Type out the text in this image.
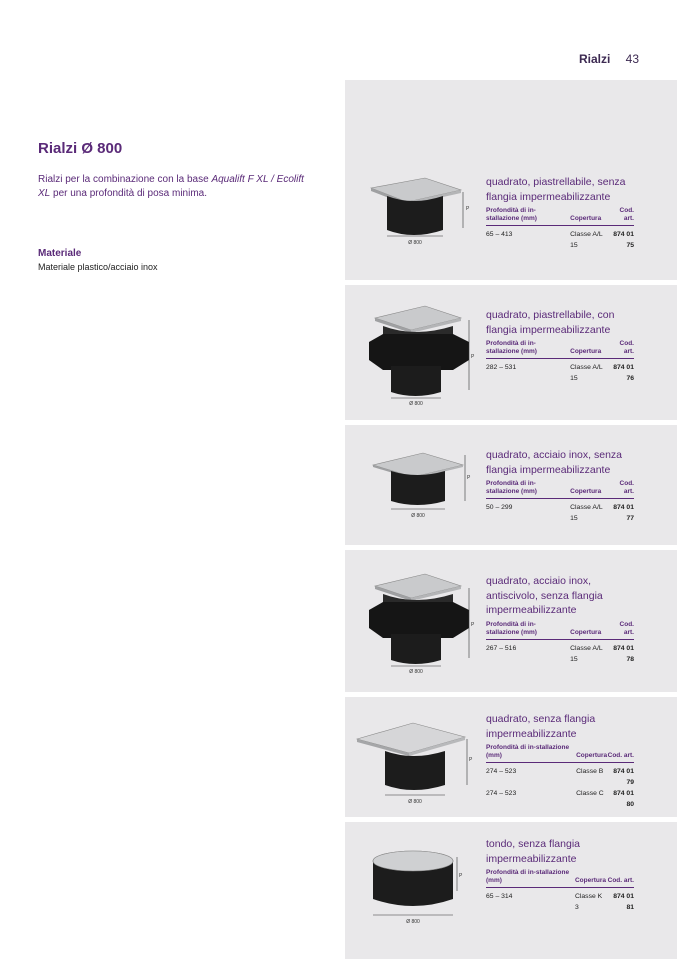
Rialzi 43
Rialzi Ø 800

Rialzi per la combinazione con la base Aqualift F XL / Ecolift XL per una profondità di posa minima.

Materiale
Materiale plastico/acciaio inox
Ø 800
P
quadrato, piastrellabile, senza flangia impermeabilizzante
Profondità di in-stallazione (mm)	Copertura	Cod. art.
65 – 413	Classe A/L 15	874 01 75
Ø 800
P
quadrato, piastrellabile, con flangia impermeabilizzante
Profondità di in-stallazione (mm)	Copertura	Cod. art.
282 – 531	Classe A/L 15	874 01 76
Ø 800
P
quadrato, acciaio inox, senza flangia impermeabilizzante
Profondità di in-stallazione (mm)	Copertura	Cod. art.
50 – 299	Classe A/L 15	874 01 77
Ø 800
P
quadrato, acciaio inox, antiscivolo, senza flangia impermeabilizzante
Profondità di in-stallazione (mm)	Copertura	Cod. art.
267 – 516	Classe A/L 15	874 01 78
Ø 800
P
quadrato, senza flangia impermeabilizzante
Profondità di in-stallazione (mm)	Copertura	Cod. art.
274 – 523	Classe B	874 01 79
274 – 523	Classe C	874 01 80
Ø 800
P
tondo, senza flangia impermeabilizzante
Profondità di in-stallazione (mm)	Copertura	Cod. art.
65 – 314	Classe K 3	874 01 81
